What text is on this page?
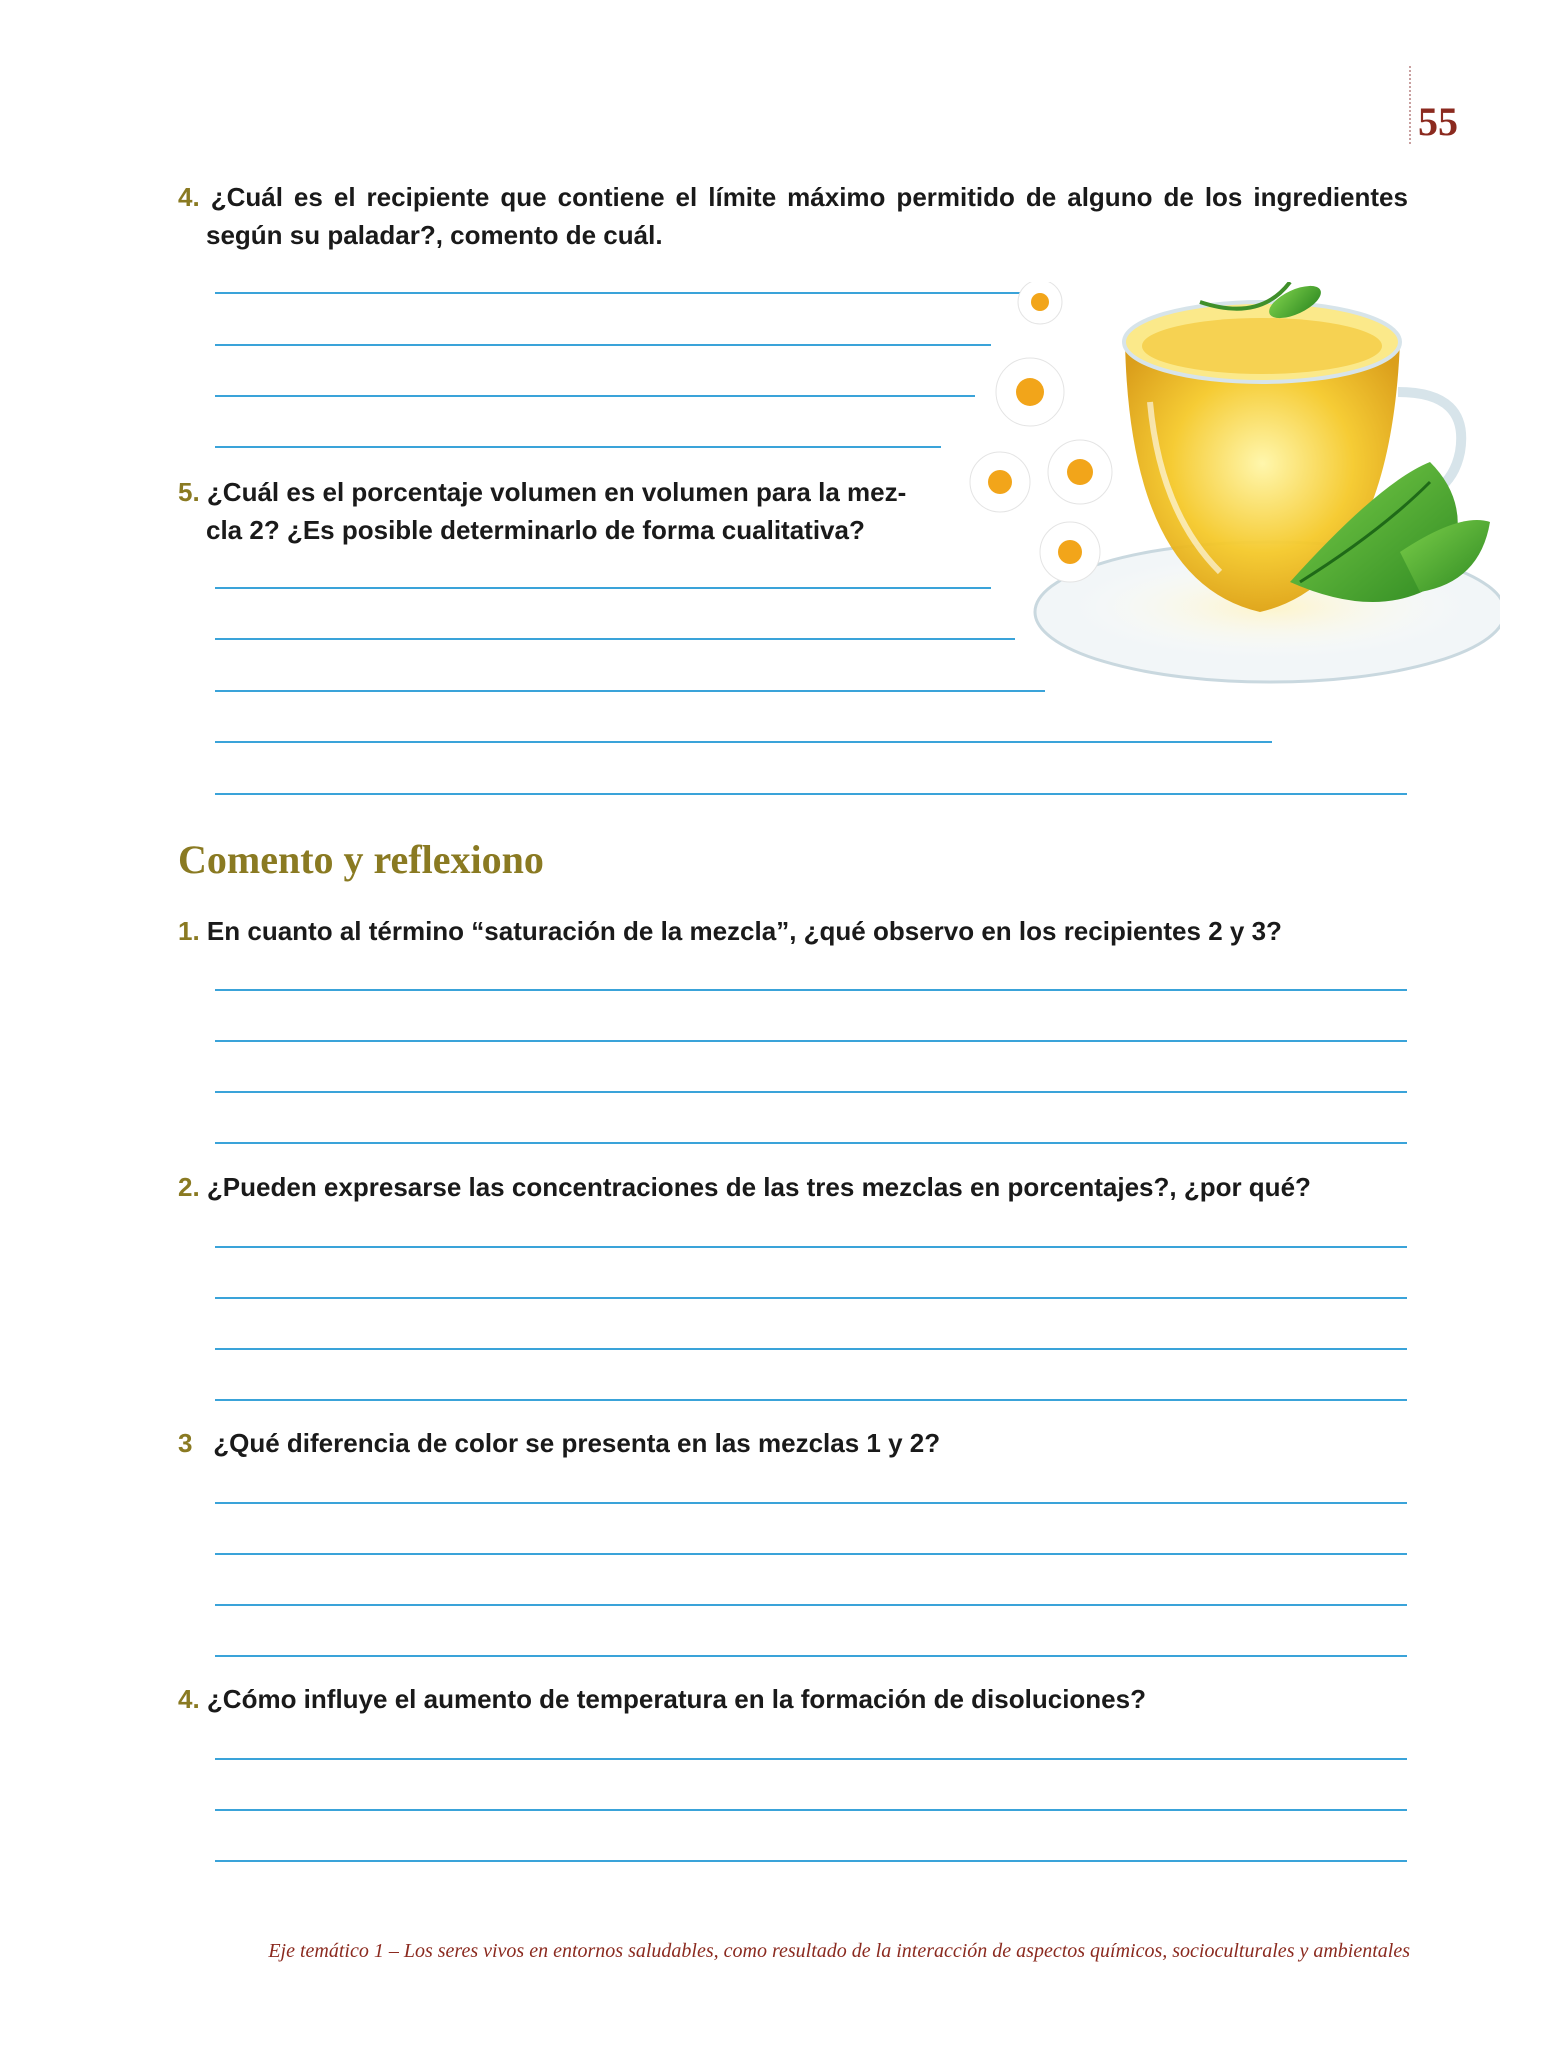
55
4. ¿Cuál es el recipiente que contiene el límite máximo permitido de alguno de los ingredientes
según su paladar?, comento de cuál.
5. ¿Cuál es el porcentaje volumen en volumen para la mez-
cla 2? ¿Es posible determinarlo de forma cualitativa?
Comento y reflexiono
1. En cuanto al término “saturación de la mezcla”, ¿qué observo en los recipientes 2 y 3?
2. ¿Pueden expresarse las concentraciones de las tres mezclas en porcentajes?, ¿por qué?
3 ¿Qué diferencia de color se presenta en las mezclas 1 y 2?
4. ¿Cómo influye el aumento de temperatura en la formación de disoluciones?
Eje temático 1 – Los seres vivos en entornos saludables, como resultado de la interacción de aspectos químicos, socioculturales y ambientales
